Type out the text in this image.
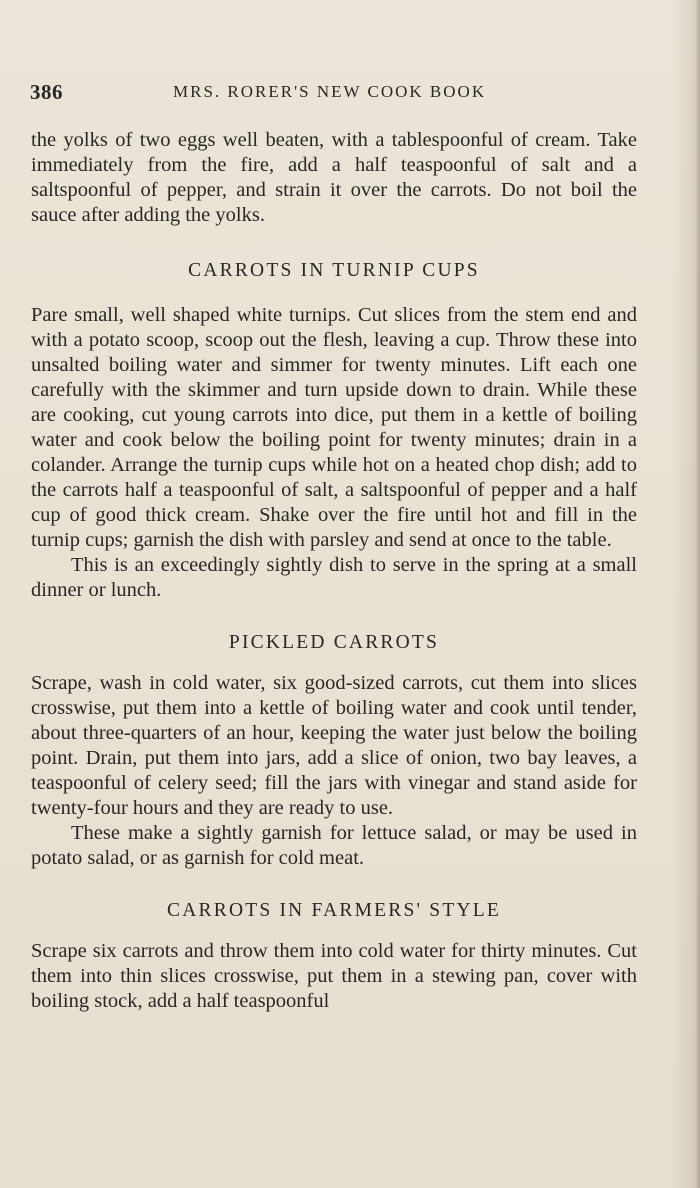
386	MRS. RORER'S NEW COOK BOOK

the yolks of two eggs well beaten, with a tablespoonful of cream. Take immediately from the fire, add a half teaspoonful of salt and a saltspoonful of pepper, and strain it over the carrots. Do not boil the sauce after adding the yolks.

CARROTS IN TURNIP CUPS

Pare small, well shaped white turnips. Cut slices from the stem end and with a potato scoop, scoop out the flesh, leaving a cup. Throw these into unsalted boiling water and simmer for twenty minutes. Lift each one carefully with the skimmer and turn upside down to drain. While these are cooking, cut young carrots into dice, put them in a kettle of boiling water and cook below the boiling point for twenty minutes; drain in a colander. Arrange the turnip cups while hot on a heated chop dish; add to the carrots half a teaspoonful of salt, a saltspoonful of pepper and a half cup of good thick cream. Shake over the fire until hot and fill in the turnip cups; garnish the dish with parsley and send at once to the table.

This is an exceedingly sightly dish to serve in the spring at a small dinner or lunch.

PICKLED CARROTS

Scrape, wash in cold water, six good-sized carrots, cut them into slices crosswise, put them into a kettle of boiling water and cook until tender, about three-quarters of an hour, keeping the water just below the boiling point. Drain, put them into jars, add a slice of onion, two bay leaves, a teaspoonful of celery seed; fill the jars with vinegar and stand aside for twenty-four hours and they are ready to use.

These make a sightly garnish for lettuce salad, or may be used in potato salad, or as garnish for cold meat.

CARROTS IN FARMERS' STYLE

Scrape six carrots and throw them into cold water for thirty minutes. Cut them into thin slices crosswise, put them in a stewing pan, cover with boiling stock, add a half teaspoonful
